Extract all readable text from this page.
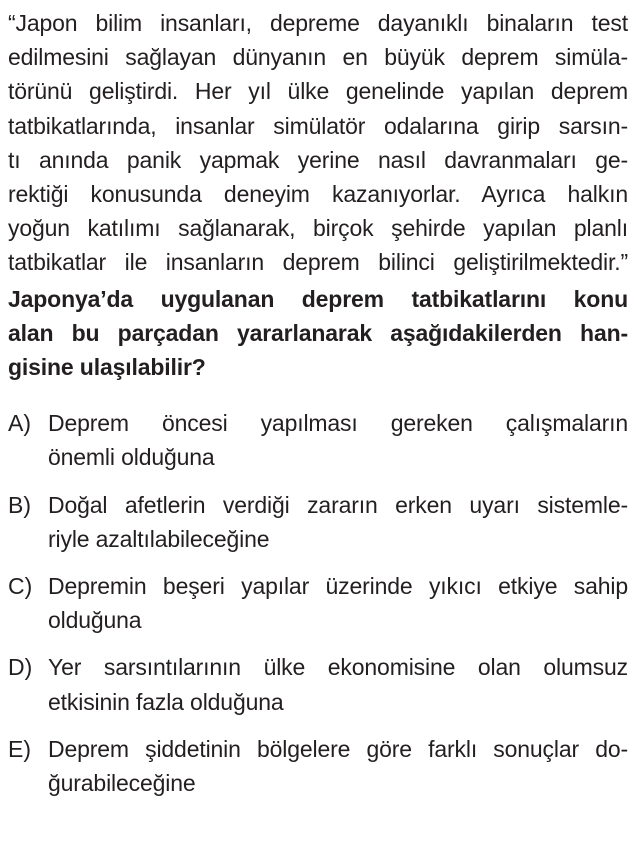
“Japon bilim insanları, depreme dayanıklı binaların test
edilmesini sağlayan dünyanın en büyük deprem simüla-
törünü geliştirdi. Her yıl ülke genelinde yapılan deprem
tatbikatlarında, insanlar simülatör odalarına girip sarsın-
tı anında panik yapmak yerine nasıl davranmaları ge-
rektiği konusunda deneyim kazanıyorlar. Ayrıca halkın
yoğun katılımı sağlanarak, birçok şehirde yapılan planlı
tatbikatlar ile insanların deprem bilinci geliştirilmektedir.”
Japonya’da uygulanan deprem tatbikatlarını konu
alan bu parçadan yararlanarak aşağıdakilerden han-
gisine ulaşılabilir?
A) Deprem öncesi yapılması gereken çalışmaların
önemli olduğuna
B) Doğal afetlerin verdiği zararın erken uyarı sistemle-
riyle azaltılabileceğine
C) Depremin beşeri yapılar üzerinde yıkıcı etkiye sahip
olduğuna
D) Yer sarsıntılarının ülke ekonomisine olan olumsuz
etkisinin fazla olduğuna
E) Deprem şiddetinin bölgelere göre farklı sonuçlar do-
ğurabileceğine
